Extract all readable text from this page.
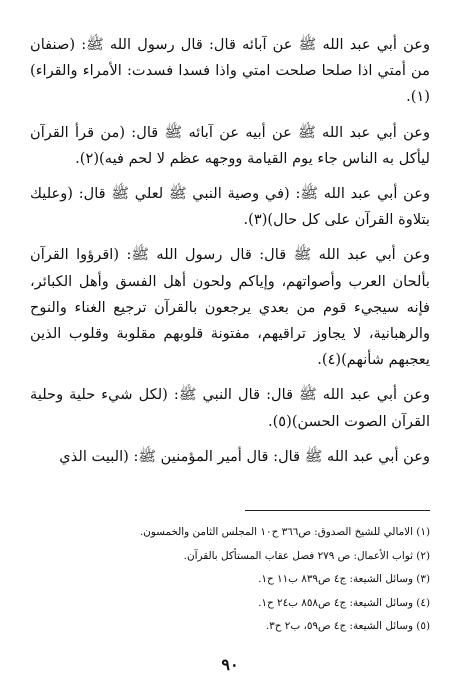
وعن أبي عبد الله ﷺ عن آبائه قال: قال رسول الله ﷺ: (صنفان من أمتي اذا صلحا صلحت امتي واذا فسدا فسدت: الأمراء والقراء)(١).

وعن أبي عبد الله ﷺ عن أبيه عن آبائه ﷺ قال: (من قرأ القرآن ليأكل به الناس جاء يوم القيامة ووجهه عظم لا لحم فيه)(٢).

وعن أبي عبد الله ﷺ: (في وصية النبي ﷺ لعلي ﷺ قال: (وعليك بتلاوة القرآن على كل حال)(٣).

وعن أبي عبد الله ﷺ قال: قال رسول الله ﷺ: (اقرؤوا القرآن بألحان العرب وأصواتهم، وإياكم ولحون أهل الفسق وأهل الكبائر، فإنه سيجيء قوم من بعدي يرجعون بالقرآن ترجيع الغناء والنوح والرهبانية، لا يجاوز تراقيهم، مفتونة قلوبهم مقلوبة وقلوب الذين يعجبهم شأنهم)(٤).

وعن أبي عبد الله ﷺ قال: قال النبي ﷺ: (لكل شيء حلية وحلية القرآن الصوت الحسن)(٥).

وعن أبي عبد الله ﷺ قال: قال أمير المؤمنين ﷺ: (البيت الذي

(١) الامالي للشيخ الصدوق: ص٣٦٦ ح١٠ المجلس الثامن والخمسون.

(٢) ثواب الأعمال: ص ٢٧٩ فصل عقاب المستأكل بالقرآن.

(٣) وسائل الشيعة: ج٤ ص٨٣٩ ب١١ ح١.

(٤) وسائل الشيعة: ج٤ ص٨٥٨ ب٢٤ ح١.

(٥) وسائل الشيعة: ج٤ ص٥٩، ب٢ ح٣.

٩٠
